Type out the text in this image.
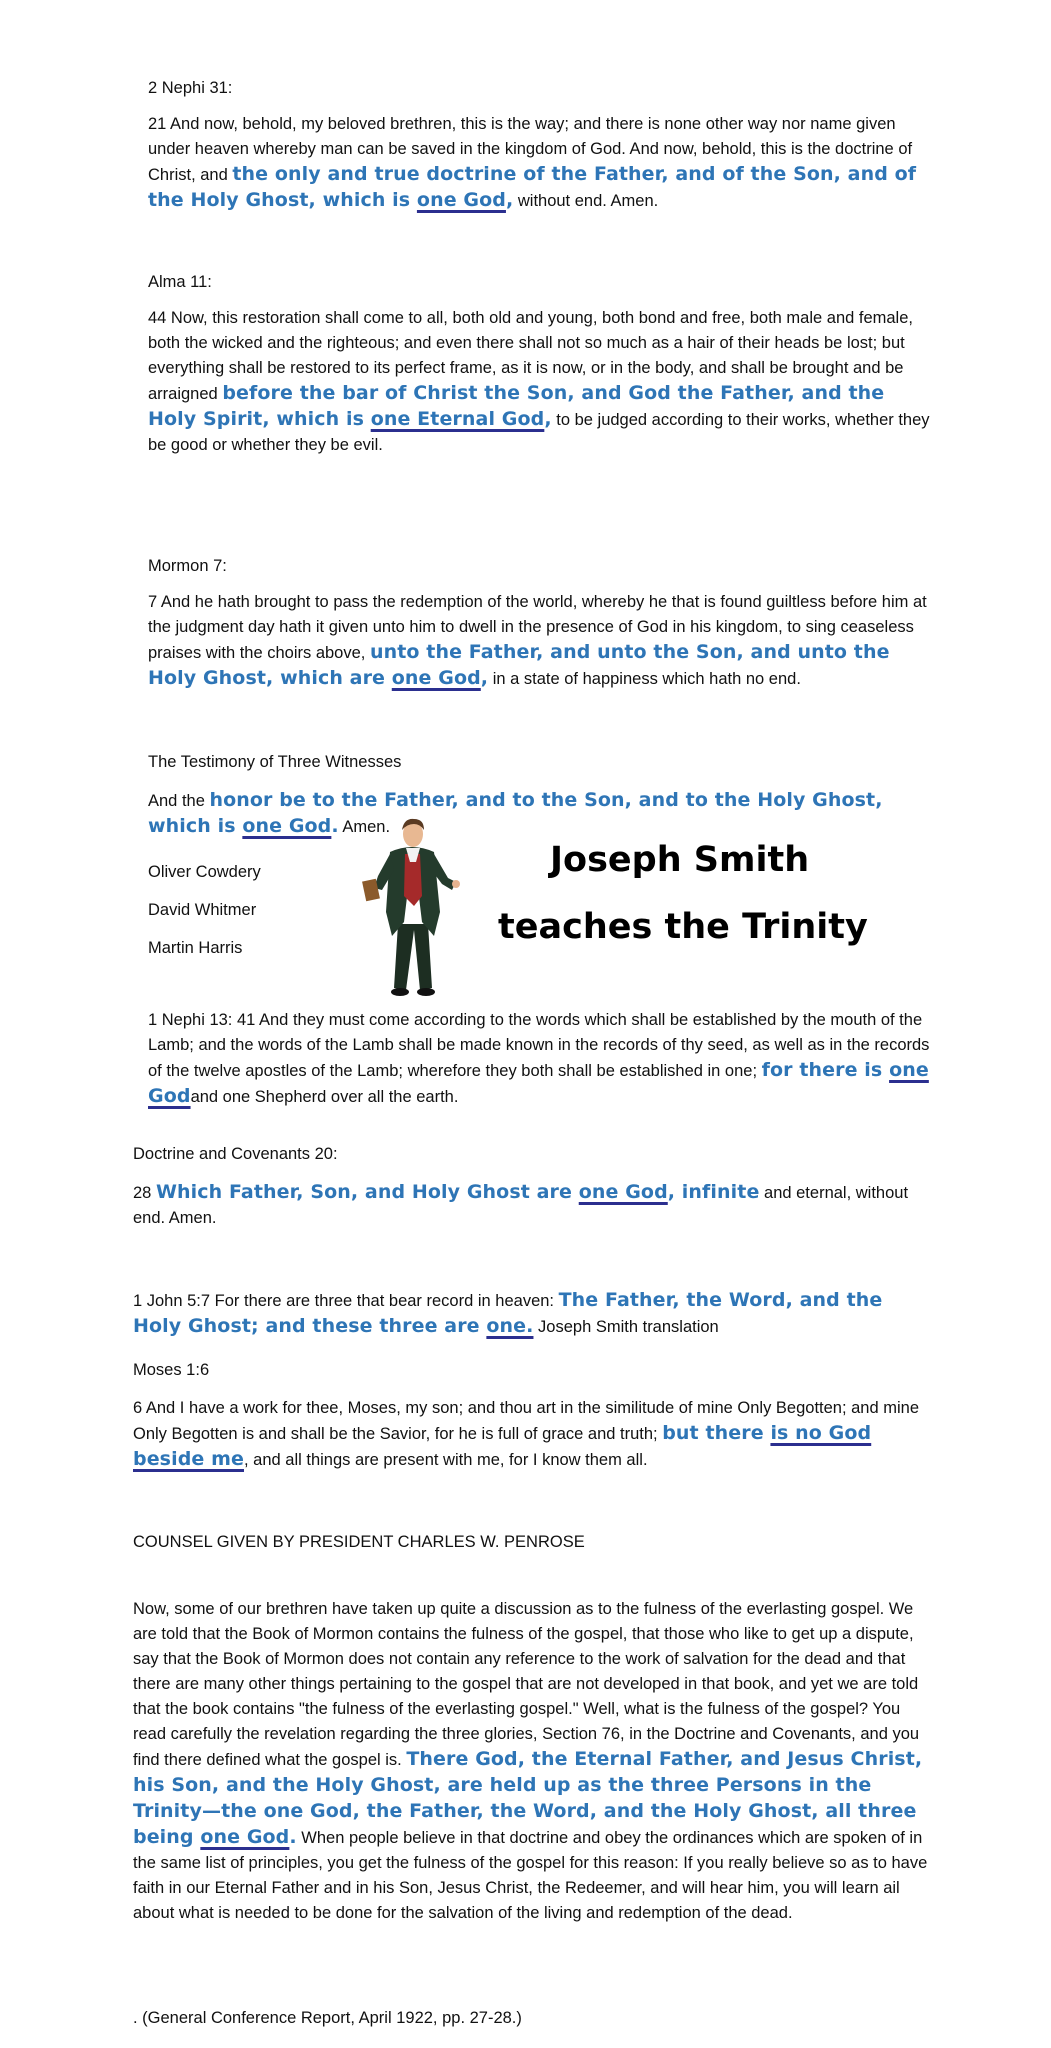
2 Nephi 31:
21 And now, behold, my beloved brethren, this is the way; and there is none other way nor name given under heaven whereby man can be saved in the kingdom of God. And now, behold, this is the doctrine of Christ, and the only and true doctrine of the Father, and of the Son, and of the Holy Ghost, which is one God, without end. Amen.
Alma 11:
44 Now, this restoration shall come to all, both old and young, both bond and free, both male and female, both the wicked and the righteous; and even there shall not so much as a hair of their heads be lost; but everything shall be restored to its perfect frame, as it is now, or in the body, and shall be brought and be arraigned before the bar of Christ the Son, and God the Father, and the Holy Spirit, which is one Eternal God, to be judged according to their works, whether they be good or whether they be evil.
Mormon 7:
7 And he hath brought to pass the redemption of the world, whereby he that is found guiltless before him at the judgment day hath it given unto him to dwell in the presence of God in his kingdom, to sing ceaseless praises with the choirs above, unto the Father, and unto the Son, and unto the Holy Ghost, which are one God, in a state of happiness which hath no end.
The Testimony of Three Witnesses
And the honor be to the Father, and to the Son, and to the Holy Ghost, which is one God. Amen.
Oliver Cowdery
David Whitmer
Martin Harris
Joseph Smith
teaches the Trinity
1 Nephi 13: 41 And they must come according to the words which shall be established by the mouth of the Lamb; and the words of the Lamb shall be made known in the records of thy seed, as well as in the records of the twelve apostles of the Lamb; wherefore they both shall be established in one; for there is one Godand one Shepherd over all the earth.
Doctrine and Covenants 20:
28 Which Father, Son, and Holy Ghost are one God, infinite and eternal, without end. Amen.
1 John 5:7 For there are three that bear record in heaven: The Father, the Word, and the Holy Ghost; and these three are one. Joseph Smith translation
Moses 1:6
6 And I have a work for thee, Moses, my son; and thou art in the similitude of mine Only Begotten; and mine Only Begotten is and shall be the Savior, for he is full of grace and truth; but there is no God beside me, and all things are present with me, for I know them all.
COUNSEL GIVEN BY PRESIDENT CHARLES W. PENROSE
Now, some of our brethren have taken up quite a discussion as to the fulness of the everlasting gospel. We are told that the Book of Mormon contains the fulness of the gospel, that those who like to get up a dispute, say that the Book of Mormon does not contain any reference to the work of salvation for the dead and that there are many other things pertaining to the gospel that are not developed in that book, and yet we are told that the book contains "the fulness of the everlasting gospel." Well, what is the fulness of the gospel? You read carefully the revelation regarding the three glories, Section 76, in the Doctrine and Covenants, and you find there defined what the gospel is. There God, the Eternal Father, and Jesus Christ, his Son, and the Holy Ghost, are held up as the three Persons in the Trinity—the one God, the Father, the Word, and the Holy Ghost, all three being one God. When people believe in that doctrine and obey the ordinances which are spoken of in the same list of principles, you get the fulness of the gospel for this reason: If you really believe so as to have faith in our Eternal Father and in his Son, Jesus Christ, the Redeemer, and will hear him, you will learn ail about what is needed to be done for the salvation of the living and redemption of the dead.
. (General Conference Report, April 1922, pp. 27-28.)
